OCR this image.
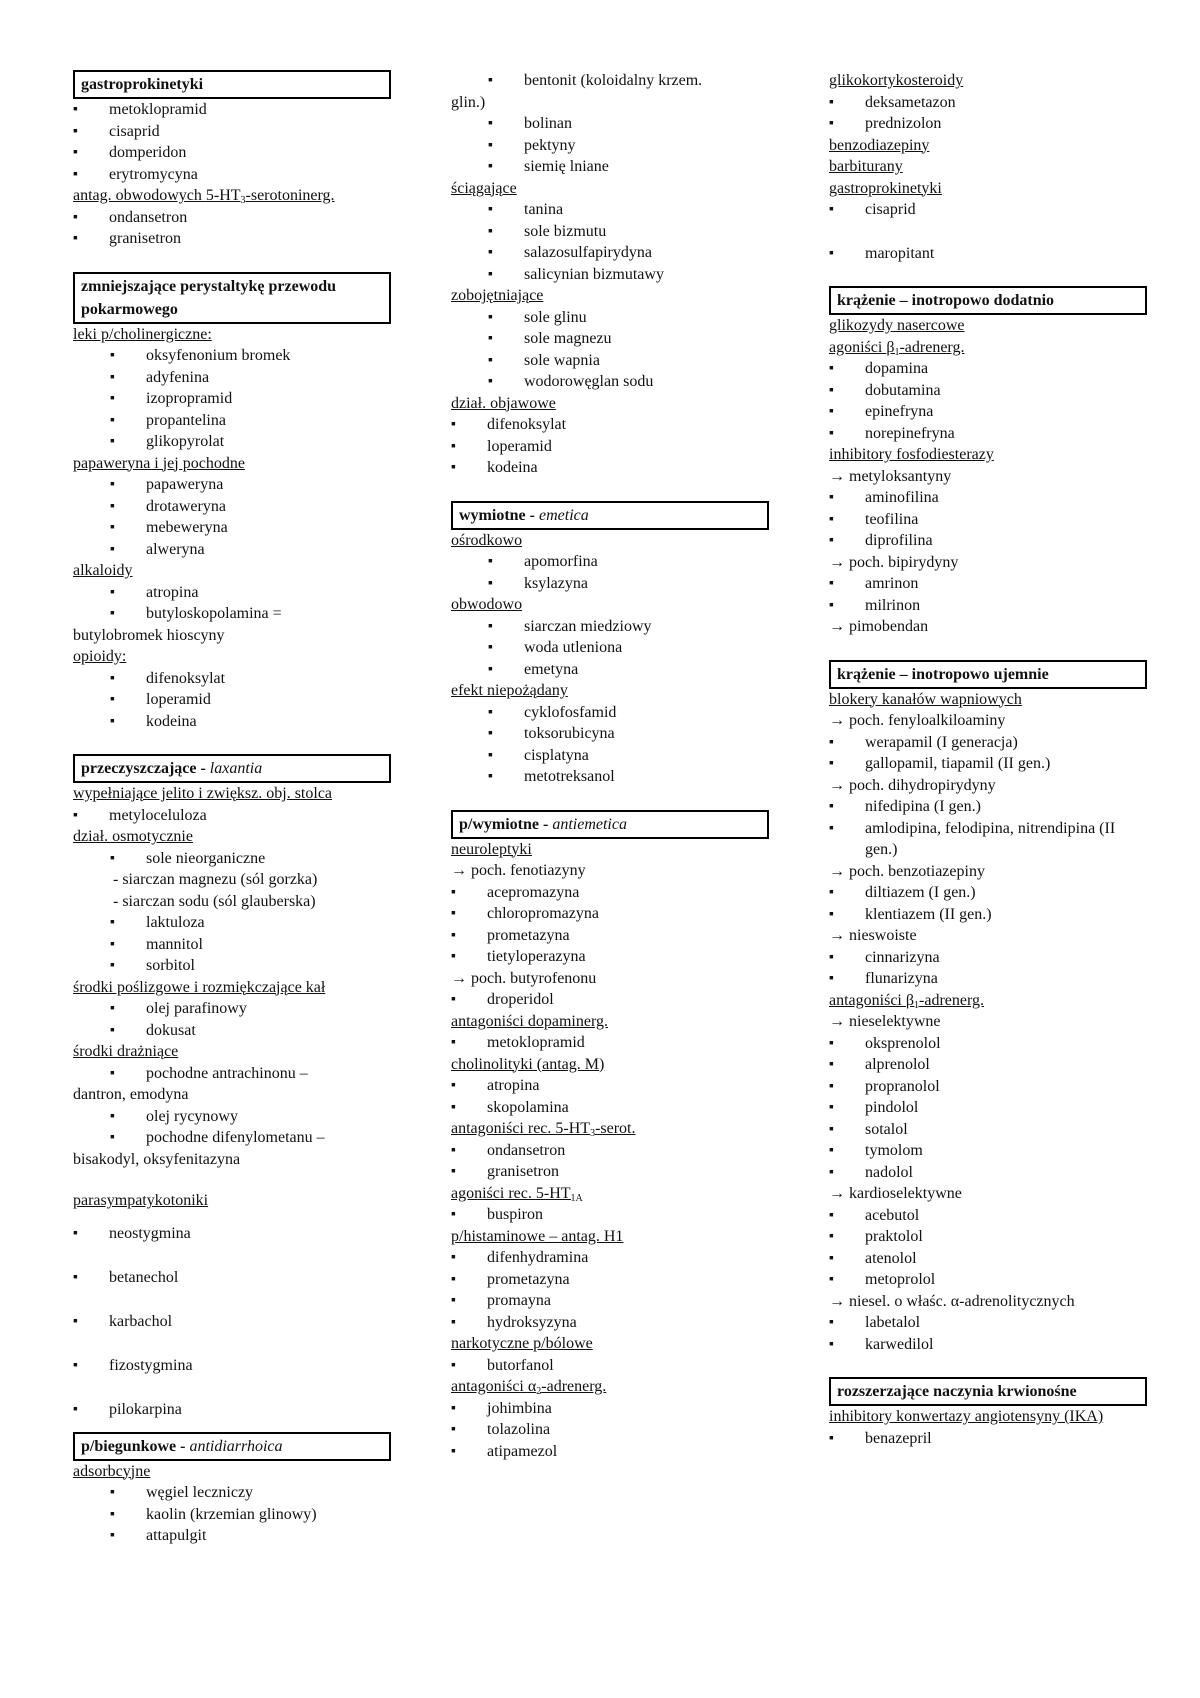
gastroprokinetyki
▪ metoklopramid
▪ cisaprid
▪ domperidon
▪ erytromycyna
antag. obwodowych $5-HT_3$-serotoninerg.
▪ ondansetron
▪ granisetron
zmniejszające perystaltykę przewodu pokarmowego
leki p/cholinergiczne:
▪ oksyfenonium bromek
▪ adyfenina
▪ izopropramid
▪ propantelina
▪ glikopyrolat
papaweryna i jej pochodne
▪ papaweryna
▪ drotaweryna
▪ mebeweryna
▪ alweryna
alkaloidy
▪ atropina
▪ butyloskopolamina =
butylobromek hioscyny
opioidy:
▪ difenoksylat
▪ loperamid
▪ kodeina
przeczyszczające - laxantia
wypełniające jelito i zwiększ. obj. stolca
▪ metyloceluloza
dział. osmotycznie
▪ sole nieorganiczne
- siarczan magnezu (sól gorzka)
- siarczan sodu (sól glauberska)
▪ laktuloza
▪ mannitol
▪ sorbitol
środki poślizgowe i rozmiękczające kał
▪ olej parafinowy
▪ dokusat
środki drażniące
▪ pochodne antrachinonu –
dantron, emodyna
▪ olej rycynowy
▪ pochodne difenylometanu –
bisakodyl, oksyfenitazyna
parasympatykotoniki
▪ neostygmina
▪ betanechol
▪ karbachol
▪ fizostygmina
▪ pilokarpina
p/biegunkowe - antidiarrhoica
adsorbcyjne
▪ węgiel leczniczy
▪ kaolin (krzemian glinowy)
▪ attapulgit
▪ bentonit (koloidalny krzem.
glin.)
▪ bolinan
▪ pektyny
▪ siemię lniane
ściągające
▪ tanina
▪ sole bizmutu
▪ salazosulfapirydyna
▪ salicynian bizmutawy
zobojętniające
▪ sole glinu
▪ sole magnezu
▪ sole wapnia
▪ wodorowęglan sodu
dział. objawowe
▪ difenoksylat
▪ loperamid
▪ kodeina
wymiotne - emetica
ośrodkowo
▪ apomorfina
▪ ksylazyna
obwodowo
▪ siarczan miedziowy
▪ woda utleniona
▪ emetyna
efekt niepożądany
▪ cyklofosfamid
▪ toksorubicyna
▪ cisplatyna
▪ metotreksanol
p/wymiotne - antiemetica
neuroleptyki
→ poch. fenotiazyny
▪ acepromazyna
▪ chloropromazyna
▪ prometazyna
▪ tietyloperazyna
→ poch. butyrofenonu
▪ droperidol
antagoniści dopaminerg.
▪ metoklopramid
cholinolityki (antag. M)
▪ atropina
▪ skopolamina
antagoniści rec. $5-HT_3$-serot.
▪ ondansetron
▪ granisetron
agoniści rec. $5-HT_{1A}$
▪ buspiron
p/histaminowe – antag. H1
▪ difenhydramina
▪ prometazyna
▪ promayna
▪ hydroksyzyna
narkotyczne p/bólowe
▪ butorfanol
antagoniści $\alpha_2$-adrenerg.
▪ johimbina
▪ tolazolina
▪ atipamezol
glikokortykosteroidy
▪ deksametazon
▪ prednizolon
benzodiazepiny
barbiturany
gastroprokinetyki
▪ cisaprid
▪ maropitant
krążenie – inotropowo dodatnio
glikozydy nasercowe
agoniści $\beta_1$-adrenerg.
▪ dopamina
▪ dobutamina
▪ epinefryna
▪ norepinefryna
inhibitory fosfodiesterazy
→ metyloksantyny
▪ aminofilina
▪ teofilina
▪ diprofilina
→ poch. bipirydyny
▪ amrinon
▪ milrinon
→ pimobendan
krążenie – inotropowo ujemnie
blokery kanałów wapniowych
→ poch. fenyloalkiloaminy
▪ werapamil (I generacja)
▪ gallopamil, tiapamil (II gen.)
→ poch. dihydropirydyny
▪ nifedipina (I gen.)
▪ amlodipina, felodipina, nitrendipina (II gen.)
→ poch. benzotiazepiny
▪ diltiazem (I gen.)
▪ klentiazem (II gen.)
→ nieswoiste
▪ cinnarizyna
▪ flunarizyna
antagoniści $\beta_1$-adrenerg.
→ nieselektywne
▪ oksprenolol
▪ alprenolol
▪ propranolol
▪ pindolol
▪ sotalol
▪ tymolom
▪ nadolol
→ kardioselektywne
▪ acebutol
▪ praktolol
▪ atenolol
▪ metoprolol
→ niesel. o właśc. α-adrenolitycznych
▪ labetalol
▪ karwedilol
rozszerzające naczynia krwionośne
inhibitory konwertazy angiotensyny (IKA)
▪ benazepril
